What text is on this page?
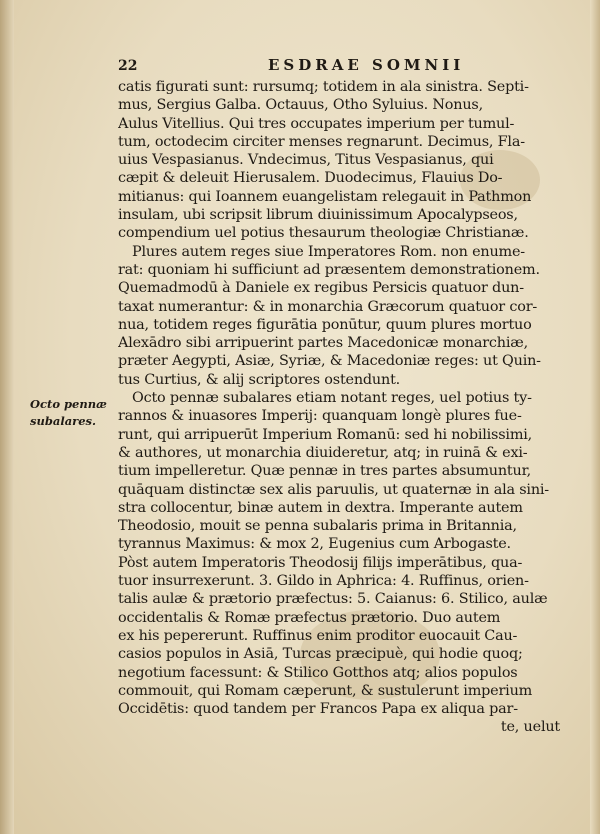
22	ESDRAE SOMNII
Octo pennæ
subalares.
catis figurati sunt: rursumq; totidem in ala sinistra. Septi-
mus, Sergius Galba. Octauus, Otho Syluius. Nonus,
Aulus Vitellius. Qui tres occupates imperium per tumul-
tum, octodecim circiter menses regnarunt. Decimus, Fla-
uius Vespasianus. Vndecimus, Titus Vespasianus, qui
cæpit & deleuit Hierusalem. Duodecimus, Flauius Do-
mitianus: qui Ioannem euangelistam relegauit in Pathmon
insulam, ubi scripsit librum diuinissimum Apocalypseos,
compendium uel potius thesaurum theologiæ Christianæ.
Plures autem reges siue Imperatores Rom. non enume-
rat: quoniam hi sufficiunt ad præsentem demonstrationem.
Quemadmodū à Daniele ex regibus Persicis quatuor dun-
taxat numerantur: & in monarchia Græcorum quatuor cor-
nua, totidem reges figurātia ponūtur, quum plures mortuo
Alexādro sibi arripuerint partes Macedonicæ monarchiæ,
præter Aegypti, Asiæ, Syriæ, & Macedoniæ reges: ut Quin-
tus Curtius, & alij scriptores ostendunt.
Octo pennæ subalares etiam notant reges, uel potius ty-
rannos & inuasores Imperij: quanquam longè plures fue-
runt, qui arripuerūt Imperium Romanū: sed hi nobilissimi,
& authores, ut monarchia diuideretur, atq; in ruinā & exi-
tium impelleretur. Quæ pennæ in tres partes absumuntur,
quāquam distinctæ sex alis paruulis, ut quaternæ in ala sini-
stra collocentur, binæ autem in dextra. Imperante autem
Theodosio, mouit se penna subalaris prima in Britannia,
tyrannus Maximus: & mox 2, Eugenius cum Arbogaste.
Pòst autem Imperatoris Theodosij filijs imperātibus, qua-
tuor insurrexerunt. 3. Gildo in Aphrica: 4. Ruffinus, orien-
talis aulæ & prætorio præfectus: 5. Caianus: 6. Stilico, aulæ
occidentalis & Romæ præfectus prætorio. Duo autem
ex his pepererunt. Ruffinus enim proditor euocauit Cau-
casios populos in Asiā, Turcas præcipuè, qui hodie quoq;
negotium facessunt: & Stilico Gotthos atq; alios populos
commouit, qui Romam cæperunt, & sustulerunt imperium
Occidētis: quod tandem per Francos Papa ex aliqua par-
te, uelut
